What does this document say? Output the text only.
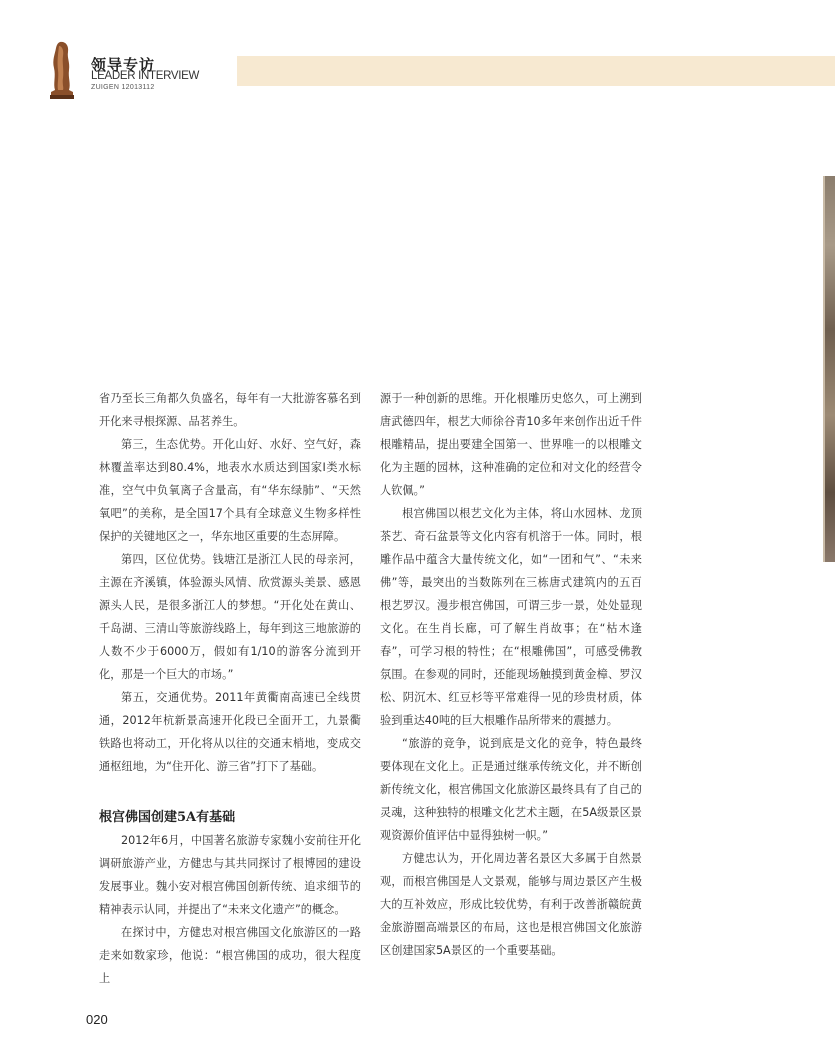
领导专访
LEADER INTERVIEW
ZUIGEN 12013112

省乃至长三角都久负盛名，每年有一大批游客慕名到开化来寻根探源、品茗养生。

第三，生态优势。开化山好、水好、空气好，森林覆盖率达到80.4%，地表水水质达到国家Ⅰ类水标准，空气中负氧离子含量高，有“华东绿肺”、“天然氧吧”的美称，是全国17个具有全球意义生物多样性保护的关键地区之一，华东地区重要的生态屏障。

第四，区位优势。钱塘江是浙江人民的母亲河，主源在齐溪镇，体验源头风情、欣赏源头美景、感恩源头人民，是很多浙江人的梦想。“开化处在黄山、千岛湖、三清山等旅游线路上，每年到这三地旅游的人数不少于6000万，假如有1/10的游客分流到开化，那是一个巨大的市场。”

第五，交通优势。2011年黄衢南高速已全线贯通，2012年杭新景高速开化段已全面开工，九景衢铁路也将动工，开化将从以往的交通末梢地，变成交通枢纽地，为“住开化、游三省”打下了基础。

根宫佛国创建5A有基础

2012年6月，中国著名旅游专家魏小安前往开化调研旅游产业，方健忠与其共同探讨了根博园的建设发展事业。魏小安对根宫佛国创新传统、追求细节的精神表示认同，并提出了“未来文化遗产”的概念。

在探讨中，方健忠对根宫佛国文化旅游区的一路走来如数家珍，他说：“根宫佛国的成功，很大程度上

源于一种创新的思维。开化根雕历史悠久，可上溯到唐武德四年，根艺大师徐谷青10多年来创作出近千件根雕精品，提出要建全国第一、世界唯一的以根雕文化为主题的园林，这种准确的定位和对文化的经营令人钦佩。”

根宫佛国以根艺文化为主体，将山水园林、龙顶茶艺、奇石盆景等文化内容有机溶于一体。同时，根雕作品中蕴含大量传统文化，如“一团和气”、“未来佛”等，最突出的当数陈列在三栋唐式建筑内的五百根艺罗汉。漫步根宫佛国，可谓三步一景，处处显现文化。在生肖长廊，可了解生肖故事；在“枯木逢春”，可学习根的特性；在“根雕佛国”，可感受佛教氛围。在参观的同时，还能现场触摸到黄金樟、罗汉松、阴沉木、红豆杉等平常难得一见的珍贵材质，体验到重达40吨的巨大根雕作品所带来的震撼力。

“旅游的竞争，说到底是文化的竞争，特色最终要体现在文化上。正是通过继承传统文化，并不断创新传统文化，根宫佛国文化旅游区最终具有了自己的灵魂，这种独特的根雕文化艺术主题，在5A级景区景观资源价值评估中显得独树一帜。”

方健忠认为，开化周边著名景区大多属于自然景观，而根宫佛国是人文景观，能够与周边景区产生极大的互补效应，形成比较优势，有利于改善浙赣皖黄金旅游圈高端景区的布局，这也是根宫佛国文化旅游区创建国家5A景区的一个重要基础。

020
